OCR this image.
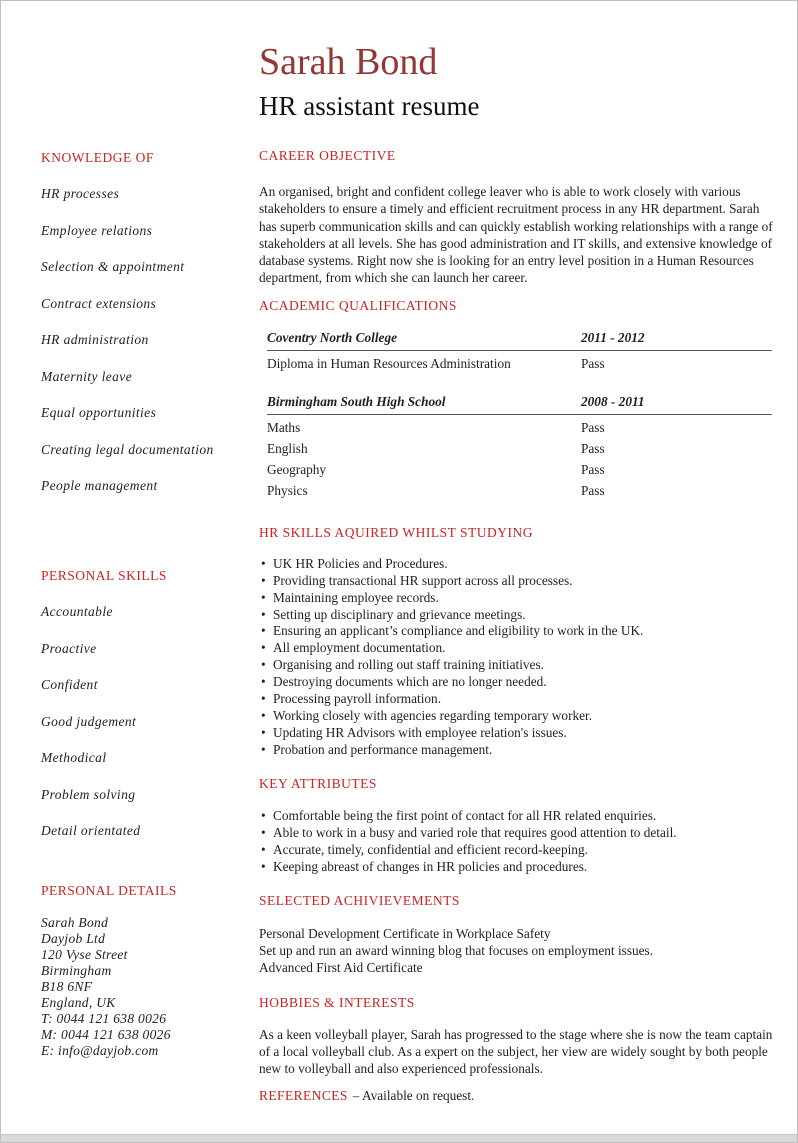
Sarah Bond
HR assistant resume
KNOWLEDGE OF
HR processes
Employee relations
Selection & appointment
Contract extensions
HR administration
Maternity leave
Equal opportunities
Creating legal documentation
People management
PERSONAL SKILLS
Accountable
Proactive
Confident
Good judgement
Methodical
Problem solving
Detail orientated
PERSONAL DETAILS
Sarah Bond
Dayjob Ltd
120 Vyse Street
Birmingham
B18 6NF
England, UK
T: 0044 121 638 0026
M: 0044 121 638 0026
E: info@dayjob.com
CAREER OBJECTIVE
An organised, bright and confident college leaver who is able to work closely with various stakeholders to ensure a timely and efficient recruitment process in any HR department. Sarah has superb communication skills and can quickly establish working relationships with a range of stakeholders at all levels. She has good administration and IT skills, and extensive knowledge of database systems. Right now she is looking for an entry level position in a Human Resources department, from which she can launch her career.
ACADEMIC QUALIFICATIONS
Coventry North College	2011 - 2012
Diploma in Human Resources Administration	Pass
Birmingham South High School	2008 - 2011
Maths	Pass
English	Pass
Geography	Pass
Physics	Pass
HR SKILLS AQUIRED WHILST STUDYING
• UK HR Policies and Procedures.
• Providing transactional HR support across all processes.
• Maintaining employee records.
• Setting up disciplinary and grievance meetings.
• Ensuring an applicant’s compliance and eligibility to work in the UK.
• All employment documentation.
• Organising and rolling out staff training initiatives.
• Destroying documents which are no longer needed.
• Processing payroll information.
• Working closely with agencies regarding temporary worker.
• Updating HR Advisors with employee relation's issues.
• Probation and performance management.
KEY ATTRIBUTES
• Comfortable being the first point of contact for all HR related enquiries.
• Able to work in a busy and varied role that requires good attention to detail.
• Accurate, timely, confidential and efficient record-keeping.
• Keeping abreast of changes in HR policies and procedures.
SELECTED ACHIVIEVEMENTS
Personal Development Certificate in Workplace Safety
Set up and run an award winning blog that focuses on employment issues.
Advanced First Aid Certificate
HOBBIES & INTERESTS
As a keen volleyball player, Sarah has progressed to the stage where she is now the team captain of a local volleyball club. As a expert on the subject, her view are widely sought by both people new to volleyball and also experienced professionals.
REFERENCES – Available on request.
